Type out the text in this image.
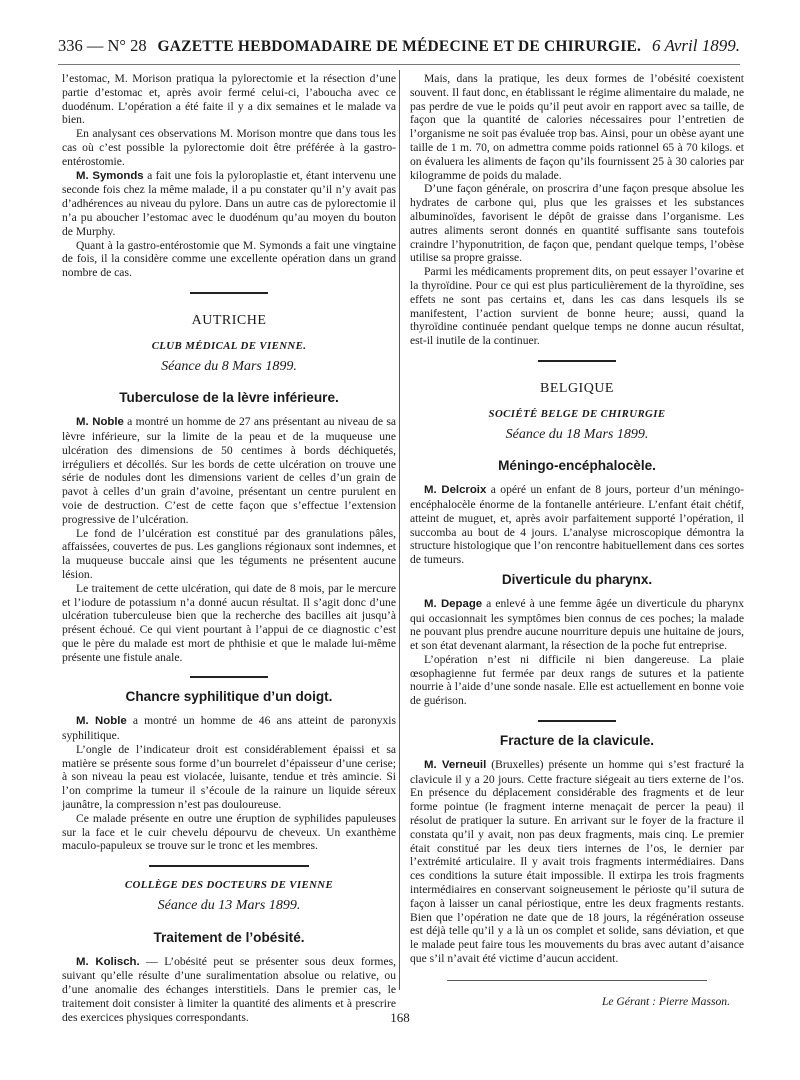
336 — N° 28 GAZETTE HEBDOMADAIRE DE MÉDECINE ET DE CHIRURGIE. 6 Avril 1899.

l’estomac, M. Morison pratiqua la pylorectomie et la résection d’une partie d’estomac et, après avoir fermé celui-ci, l’aboucha avec ce duodénum. L’opération a été faite il y a dix semaines et le malade va bien.

En analysant ces observations M. Morison montre que dans tous les cas où c’est possible la pylorectomie doit être préférée à la gastro-entérostomie.

M. Symonds a fait une fois la pyloroplastie et, étant intervenu une seconde fois chez la même malade, il a pu constater qu’il n’y avait pas d’adhérences au niveau du pylore. Dans un autre cas de pylorectomie il n’a pu aboucher l’estomac avec le duodénum qu’au moyen du bouton de Murphy.

Quant à la gastro-entérostomie que M. Symonds a fait une vingtaine de fois, il la considère comme une excellente opération dans un grand nombre de cas.

AUTRICHE
CLUB MÉDICAL DE VIENNE.
Séance du 8 Mars 1899.
Tuberculose de la lèvre inférieure.

M. Noble a montré un homme de 27 ans présentant au niveau de sa lèvre inférieure, sur la limite de la peau et de la muqueuse une ulcération des dimensions de 50 centimes à bords déchiquetés, irréguliers et décollés. Sur les bords de cette ulcération on trouve une série de nodules dont les dimensions varient de celles d’un grain de pavot à celles d’un grain d’avoine, présentant un centre purulent en voie de destruction. C’est de cette façon que s’effectue l’extension progressive de l’ulcération.

Le fond de l’ulcération est constitué par des granulations pâles, affaissées, couvertes de pus. Les ganglions régionaux sont indemnes, et la muqueuse buccale ainsi que les téguments ne présentent aucune lésion.

Le traitement de cette ulcération, qui date de 8 mois, par le mercure et l’iodure de potassium n’a donné aucun résultat. Il s’agit donc d’une ulcération tuberculeuse bien que la recherche des bacilles ait jusqu’à présent échoué. Ce qui vient pourtant à l’appui de ce diagnostic c’est que le père du malade est mort de phthisie et que le malade lui-même présente une fistule anale.

Chancre syphilitique d’un doigt.

M. Noble a montré un homme de 46 ans atteint de paronyxis syphilitique.

L’ongle de l’indicateur droit est considérablement épaissi et sa matière se présente sous forme d’un bourrelet d’épaisseur d’une cerise; à son niveau la peau est violacée, luisante, tendue et très amincie. Si l’on comprime la tumeur il s’écoule de la rainure un liquide séreux jaunâtre, la compression n’est pas douloureuse.

Ce malade présente en outre une éruption de syphilides papuleuses sur la face et le cuir chevelu dépourvu de cheveux. Un exanthème maculo-papuleux se trouve sur le tronc et les membres.

COLLÈGE DES DOCTEURS DE VIENNE
Séance du 13 Mars 1899.
Traitement de l’obésité.

M. Kolisch. — L’obésité peut se présenter sous deux formes, suivant qu’elle résulte d’une suralimentation absolue ou relative, ou d’une anomalie des échanges interstitiels. Dans le premier cas, le traitement doit consister à limiter la quantité des aliments et à prescrire des exercices physiques correspondants.

Mais, dans la pratique, les deux formes de l’obésité coexistent souvent. Il faut donc, en établissant le régime alimentaire du malade, ne pas perdre de vue le poids qu’il peut avoir en rapport avec sa taille, de façon que la quantité de calories nécessaires pour l’entretien de l’organisme ne soit pas évaluée trop bas. Ainsi, pour un obèse ayant une taille de 1 m. 70, on admettra comme poids rationnel 65 à 70 kilogs. et on évaluera les aliments de façon qu’ils fournissent 25 à 30 calories par kilogramme de poids du malade.

D’une façon générale, on proscrira d’une façon presque absolue les hydrates de carbone qui, plus que les graisses et les substances albuminoïdes, favorisent le dépôt de graisse dans l’organisme. Les autres aliments seront donnés en quantité suffisante sans toutefois craindre l’hyponutrition, de façon que, pendant quelque temps, l’obèse utilise sa propre graisse.

Parmi les médicaments proprement dits, on peut essayer l’ovarine et la thyroïdine. Pour ce qui est plus particulièrement de la thyroïdine, ses effets ne sont pas certains et, dans les cas dans lesquels ils se manifestent, l’action survient de bonne heure; aussi, quand la thyroïdine continuée pendant quelque temps ne donne aucun résultat, est-il inutile de la continuer.

BELGIQUE
SOCIÉTÉ BELGE DE CHIRURGIE
Séance du 18 Mars 1899.
Méningo-encéphalocèle.

M. Delcroix a opéré un enfant de 8 jours, porteur d’un méningo-encéphalocèle énorme de la fontanelle antérieure. L’enfant était chétif, atteint de muguet, et, après avoir parfaitement supporté l’opération, il succomba au bout de 4 jours. L’analyse microscopique démontra la structure histologique que l’on rencontre habituellement dans ces sortes de tumeurs.

Diverticule du pharynx.

M. Depage a enlevé à une femme âgée un diverticule du pharynx qui occasionnait les symptômes bien connus de ces poches; la malade ne pouvant plus prendre aucune nourriture depuis une huitaine de jours, et son état devenant alarmant, la résection de la poche fut entreprise.

L’opération n’est ni difficile ni bien dangereuse. La plaie œsophagienne fut fermée par deux rangs de sutures et la patiente nourrie à l’aide d’une sonde nasale. Elle est actuellement en bonne voie de guérison.

Fracture de la clavicule.

M. Verneuil (Bruxelles) présente un homme qui s’est fracturé la clavicule il y a 20 jours. Cette fracture siégeait au tiers externe de l’os. En présence du déplacement considérable des fragments et de leur forme pointue (le fragment interne menaçait de percer la peau) il résolut de pratiquer la suture. En arrivant sur le foyer de la fracture il constata qu’il y avait, non pas deux fragments, mais cinq. Le premier était constitué par les deux tiers internes de l’os, le dernier par l’extrémité articulaire. Il y avait trois fragments intermédiaires. Dans ces conditions la suture était impossible. Il extirpa les trois fragments intermédiaires en conservant soigneusement le périoste qu’il sutura de façon à laisser un canal périostique, entre les deux fragments restants. Bien que l’opération ne date que de 18 jours, la régénération osseuse est déjà telle qu’il y a là un os complet et solide, sans déviation, et que le malade peut faire tous les mouvements du bras avec autant d’aisance que s’il n’avait été victime d’aucun accident.

Le Gérant : Pierre Masson.
168
